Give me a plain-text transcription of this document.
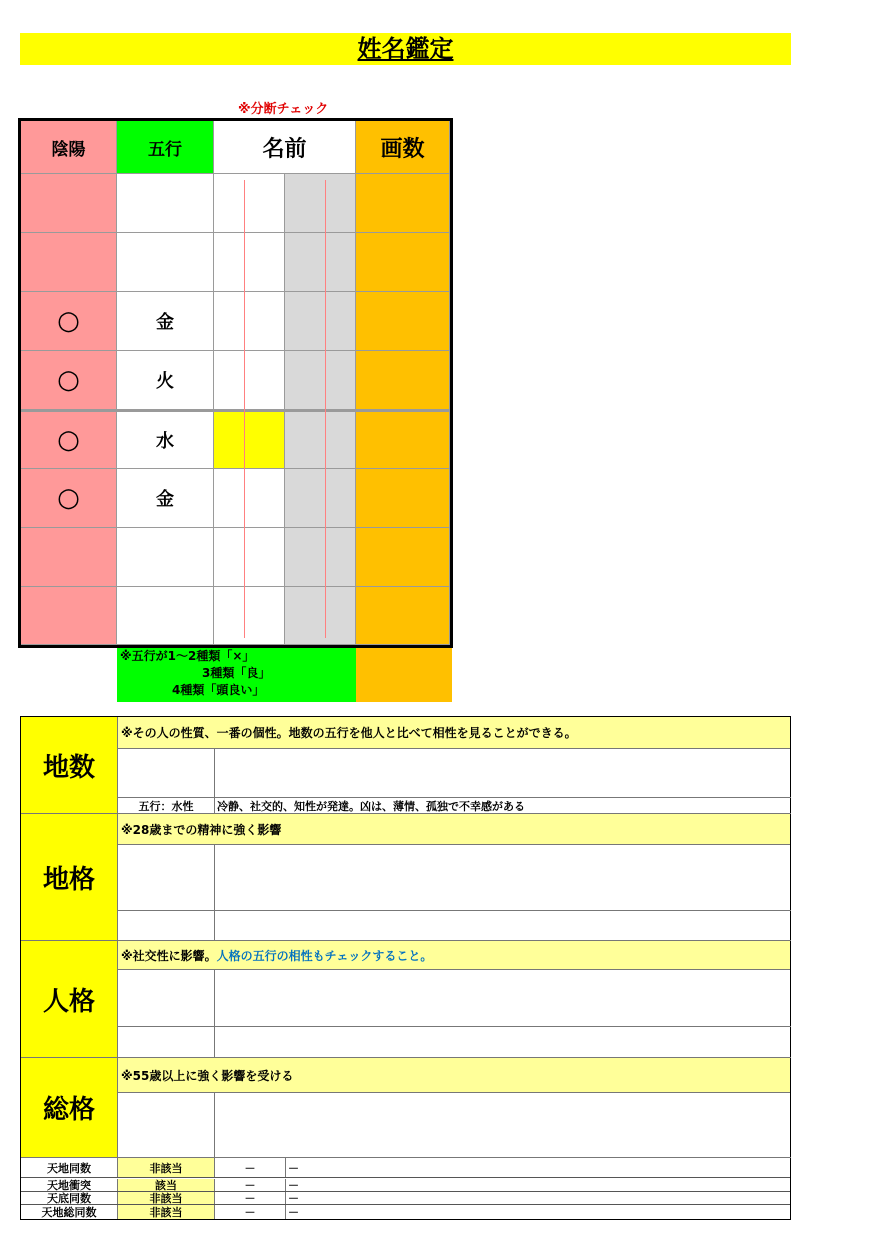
姓名鑑定
※分断チェック
陰陽	五行	名前	画数
○	金
○	火
○	水
○	金
※五行が1～2種類「×」
3種類「良」
4種類「頭良い」
地数
※その人の性質、一番の個性。地数の五行を他人と比べて相性を見ることができる。
五行：水性	冷静、社交的、知性が発達。凶は、薄情、孤独で不幸感がある
地格
※28歳までの精神に強く影響
人格
※社交性に影響。 人格の五行の相性もチェックすること。
総格
※55歳以上に強く影響を受ける
天地同数	非該当	－	－
天地衝突	該当	－	－
天底同数	非該当	－	－
天地総同数	非該当	－	－
